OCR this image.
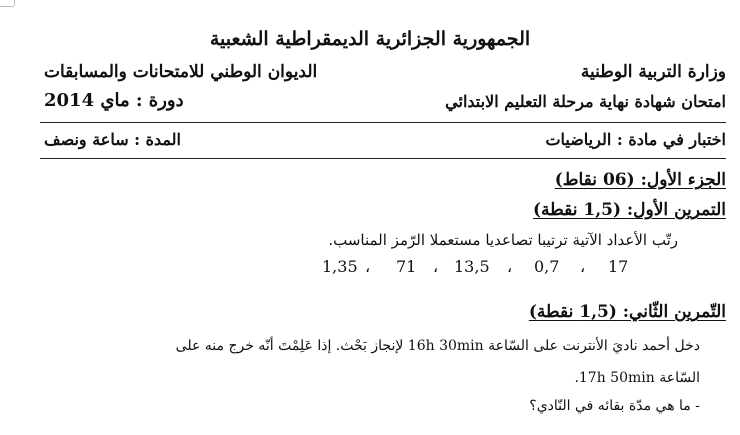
الجمهورية الجزائرية الديمقراطية الشعبية
وزارة التربية الوطنية
الديوان الوطني للامتحانات والمسابقات
امتحان شهادة نهاية مرحلة التعليم الابتدائي
دورة : ماي 2014
اختبار في مادة : الرياضيات
المدة : ساعة ونصف
الجزء الأول: (06 نقاط)
التمرين الأول: (1,5 نقطة)
رتّب الأعداد الآتية ترتيبا تصاعديا مستعملا الرّمز المناسب.
17
،
0,7
،
13,5
،
71
،
1,35
التّمرين الثّاني: (1,5 نقطة)
دخل أحمد ناديَ الأنترنت على السّاعة 16h 30min لإنجاز بَحْث. إذا عَلِمْتَ أنّه خرج منه على
السّاعة 17h 50min.
- ما هي مدّة بقائه في النّادي؟
